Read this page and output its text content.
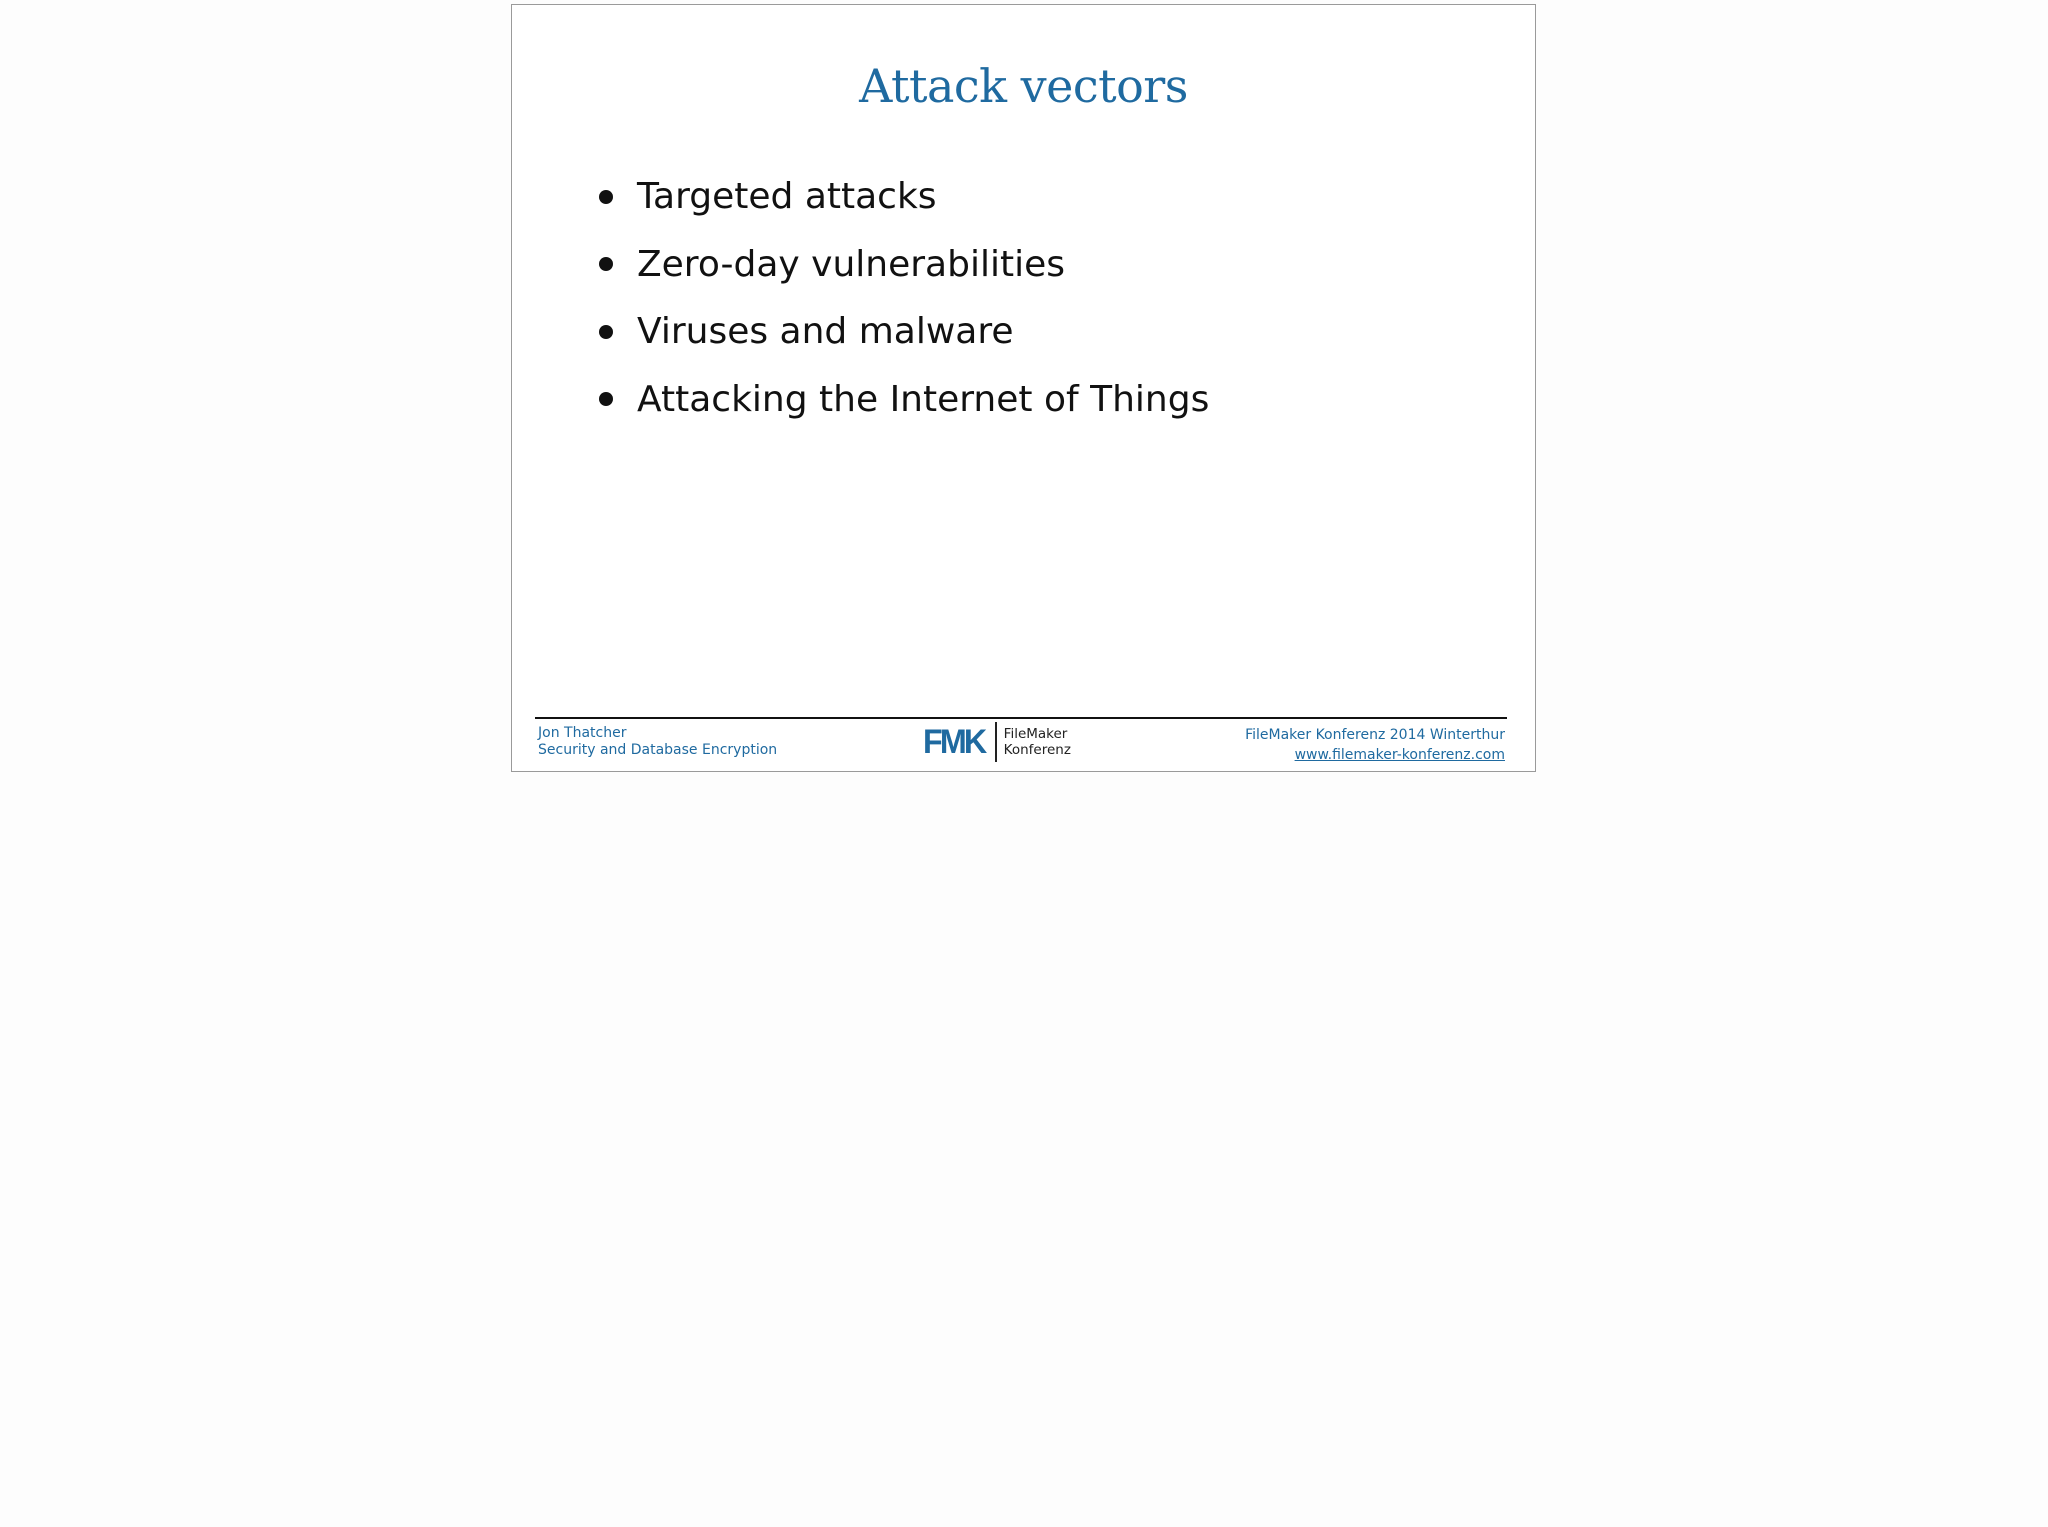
Attack vectors
Targeted attacks
Zero-day vulnerabilities
Viruses and malware
Attacking the Internet of Things
Jon Thatcher
Security and Database Encryption	FMK FileMaker
Konferenz
FileMaker Konferenz 2014 Winterthur
www.filemaker-konferenz.com
